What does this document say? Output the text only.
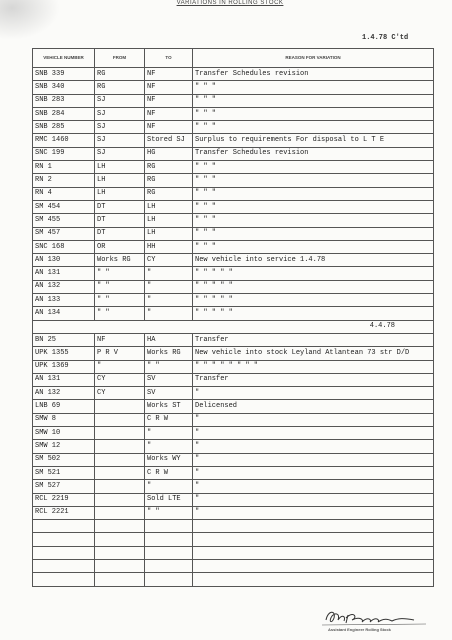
VARIATIONS IN ROLLING STOCK
1.4.78 C'td
VEHICLE NUMBER	FROM	TO	REASON FOR VARIATION
SNB 339	RG	NF	Transfer Schedules revision
SNB 340	RG	NF	" " "
SNB 283	SJ	NF	" " "
SNB 284	SJ	NF	" " "
SNB 285	SJ	NF	" " "
RMC 1460	SJ	Stored SJ	Surplus to requirements For disposal to L T E
SNC 199	SJ	HG	Transfer Schedules revision
RN 1	LH	RG	" " "
RN 2	LH	RG	" " "
RN 4	LH	RG	" " "
SM 454	DT	LH	" " "
SM 455	DT	LH	" " "
SM 457	DT	LH	" " "
SNC 168	OR	HH	" " "
AN 130	Works RG	CY	New vehicle into service 1.4.78
AN 131	" "	"	" " " " "
AN 132	" "	"	" " " " "
AN 133	" "	"	" " " " "
AN 134	" "	"	" " " " "
4.4.78			
BN 25	NF	HA	Transfer
UPK 1355	P R V	Works RG	New vehicle into stock Leyland Atlantean 73 str D/D
UPK 1369	"	" "	" " " " " " " "
AN 131	CY	SV	Transfer
AN 132	CY	SV	"
LNB 69		Works ST	Delicensed
SMW 8		C R W	"
SMW 10		"	"
SMW 12		"	"
SM 502		Works WY	"
SM 521		C R W	"
SM 527		"	"
RCL 2219		Sold LTE	"
RCL 2221		" "	"

Assistant Engineer Rolling Stock
